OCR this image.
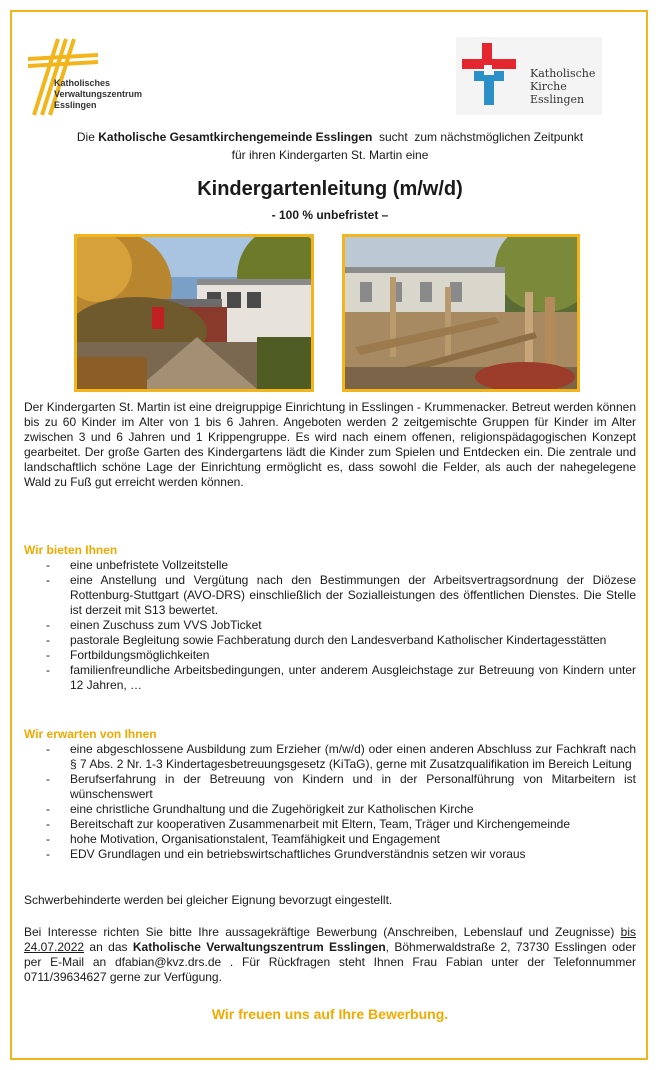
Katholisches
Verwaltungszentrum
Esslingen
Katholische
Kirche
Esslingen
Die Katholische Gesamtkirchengemeinde Esslingen  sucht  zum nächstmöglichen Zeitpunkt
für ihren Kindergarten St. Martin eine
Kindergartenleitung (m/w/d)
- 100 % unbefristet –
Der Kindergarten St. Martin ist eine dreigruppige Einrichtung in Esslingen - Krummenacker. Betreut werden können bis zu 60 Kinder im Alter von 1 bis 6 Jahren. Angeboten werden 2 zeitgemischte Gruppen für Kinder im Alter zwischen 3 und 6 Jahren und 1 Krippengruppe. Es wird nach einem offenen, religionspädagogischen Konzept gearbeitet. Der große Garten des Kindergartens lädt die Kinder zum Spielen und Entdecken ein. Die zentrale und landschaftlich schöne Lage der Einrichtung ermöglicht es, dass sowohl die Felder, als auch der nahegelegene Wald zu Fuß gut erreicht werden können.
Wir bieten Ihnen
- eine unbefristete Vollzeitstelle
- eine Anstellung und Vergütung nach den Bestimmungen der Arbeitsvertragsordnung der Diözese Rottenburg-Stuttgart (AVO-DRS) einschließlich der Sozialleistungen des öffentlichen Dienstes. Die Stelle ist derzeit mit S13 bewertet.
- einen Zuschuss zum VVS JobTicket
- pastorale Begleitung sowie Fachberatung durch den Landesverband Katholischer Kindertagesstätten
- Fortbildungsmöglichkeiten
- familienfreundliche Arbeitsbedingungen, unter anderem Ausgleichstage zur Betreuung von Kindern unter 12 Jahren, …
Wir erwarten von Ihnen
- eine abgeschlossene Ausbildung zum Erzieher (m/w/d) oder einen anderen Abschluss zur Fachkraft nach § 7 Abs. 2 Nr. 1-3 Kindertagesbetreuungsgesetz (KiTaG), gerne mit Zusatzqualifikation im Bereich Leitung
- Berufserfahrung in der Betreuung von Kindern und in der Personalführung von Mitarbeitern ist wünschenswert
- eine christliche Grundhaltung und die Zugehörigkeit zur Katholischen Kirche
- Bereitschaft zur kooperativen Zusammenarbeit mit Eltern, Team, Träger und Kirchengemeinde
- hohe Motivation, Organisationstalent, Teamfähigkeit und Engagement
- EDV Grundlagen und ein betriebswirtschaftliches Grundverständnis setzen wir voraus
Schwerbehinderte werden bei gleicher Eignung bevorzugt eingestellt.
Bei Interesse richten Sie bitte Ihre aussagekräftige Bewerbung (Anschreiben, Lebenslauf und Zeugnisse) bis 24.07.2022 an das Katholische Verwaltungszentrum Esslingen, Böhmerwaldstraße 2, 73730 Esslingen oder per E-Mail an dfabian@kvz.drs.de . Für Rückfragen steht Ihnen Frau Fabian unter der Telefonnummer 0711/39634627 gerne zur Verfügung.
Wir freuen uns auf Ihre Bewerbung.
